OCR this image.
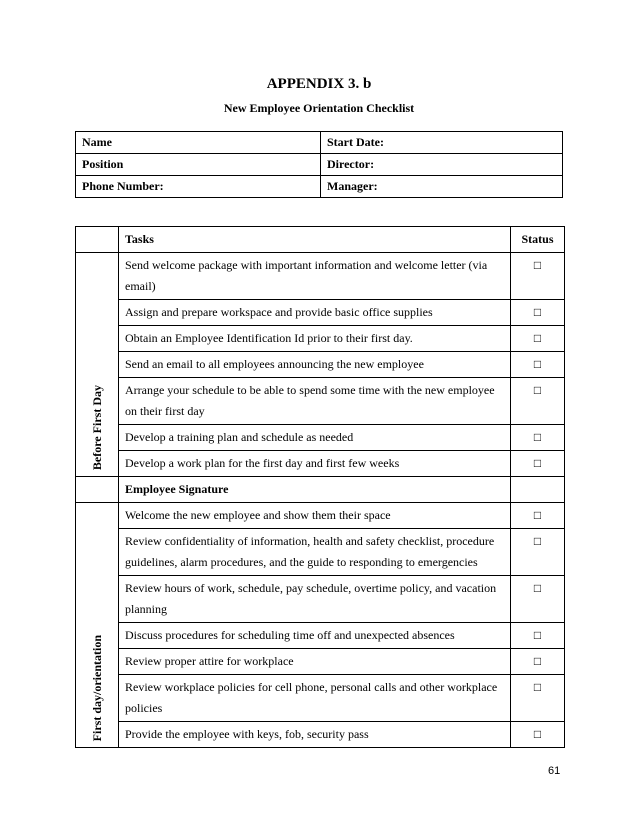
APPENDIX 3. b
New Employee Orientation Checklist
Name	Start Date:
Position	Director:
Phone Number:	Manager:
	Tasks	Status

Before First Day	Send welcome package with important information and welcome letter (via email)	□
	Assign and prepare workspace and provide basic office supplies	□
	Obtain an Employee Identification Id prior to their first day.	□
	Send an email to all employees announcing the new employee	□
	Arrange your schedule to be able to spend some time with the new employee on their first day	□
	Develop a training plan and schedule as needed	□
	Develop a work plan for the first day and first few weeks	□
	Employee Signature	

First day/orientation	Welcome the new employee and show them their space	□
	Review confidentiality of information, health and safety checklist, procedure guidelines, alarm procedures, and the guide to responding to emergencies	□
	Review hours of work, schedule, pay schedule, overtime policy, and vacation planning	□
	Discuss procedures for scheduling time off and unexpected absences	□
	Review proper attire for workplace	□
	Review workplace policies for cell phone, personal calls and other workplace policies	□
	Provide the employee with keys, fob, security pass	□
61
